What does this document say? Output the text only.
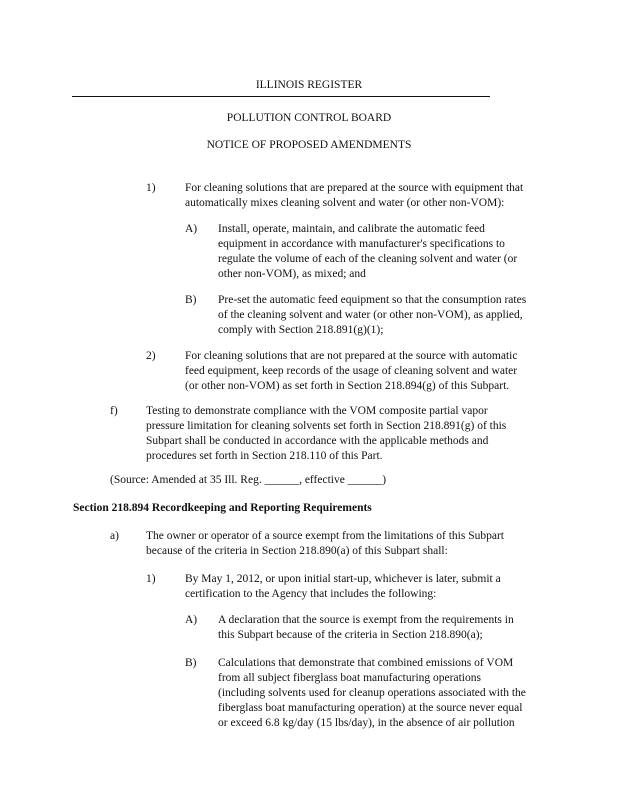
ILLINOIS REGISTER
POLLUTION CONTROL BOARD
NOTICE OF PROPOSED AMENDMENTS
1)	For cleaning solutions that are prepared at the source with equipment that
automatically mixes cleaning solvent and water (or other non-VOM):
A) Install, operate, maintain, and calibrate the automatic feed
equipment in accordance with manufacturer's specifications to
regulate the volume of each of the cleaning solvent and water (or
other non-VOM), as mixed; and
B) Pre-set the automatic feed equipment so that the consumption rates
of the cleaning solvent and water (or other non-VOM), as applied,
comply with Section 218.891(g)(1);
2)	For cleaning solutions that are not prepared at the source with automatic
feed equipment, keep records of the usage of cleaning solvent and water
(or other non-VOM) as set forth in Section 218.894(g) of this Subpart.
f) Testing to demonstrate compliance with the VOM composite partial vapor
pressure limitation for cleaning solvents set forth in Section 218.891(g) of this
Subpart shall be conducted in accordance with the applicable methods and
procedures set forth in Section 218.110 of this Part.
(Source: Amended at 35 Ill. Reg. ______, effective ______)
Section 218.894 Recordkeeping and Reporting Requirements
a) The owner or operator of a source exempt from the limitations of this Subpart
because of the criteria in Section 218.890(a) of this Subpart shall:
1)	By May 1, 2012, or upon initial start-up, whichever is later, submit a
certification to the Agency that includes the following:
A) A declaration that the source is exempt from the requirements in
this Subpart because of the criteria in Section 218.890(a);
B) Calculations that demonstrate that combined emissions of VOM
from all subject fiberglass boat manufacturing operations
(including solvents used for cleanup operations associated with the
fiberglass boat manufacturing operation) at the source never equal
or exceed 6.8 kg/day (15 lbs/day), in the absence of air pollution
